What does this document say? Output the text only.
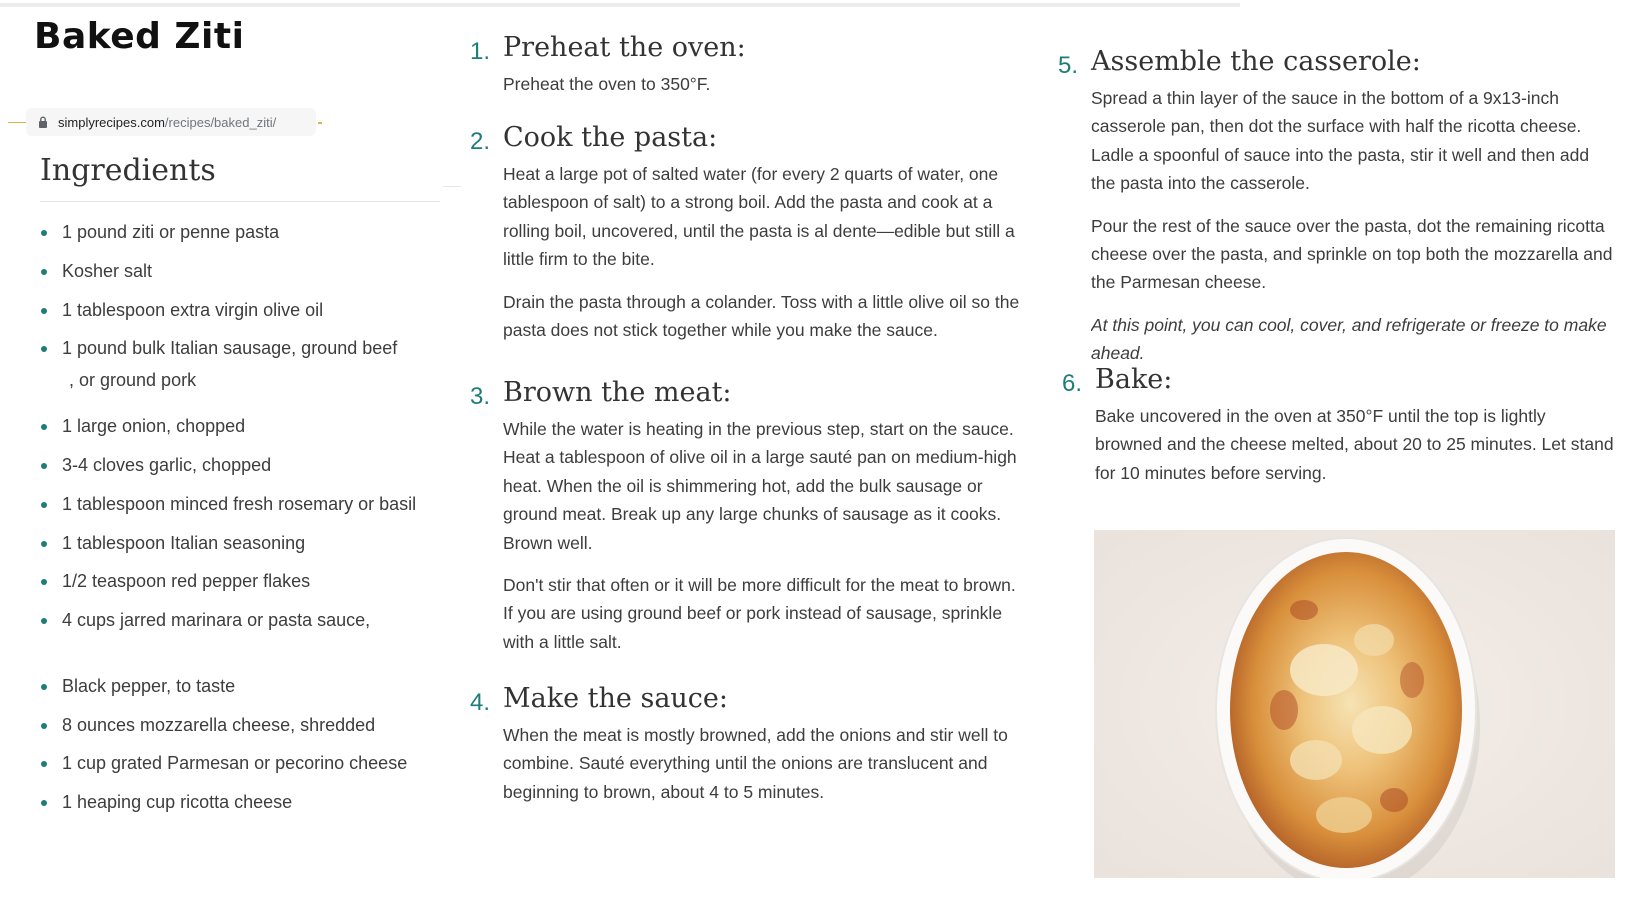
Baked Ziti
simplyrecipes.com /recipes/baked_ziti/
Ingredients
1 pound ziti or penne pasta
Kosher salt
1 tablespoon extra virgin olive oil
1 pound bulk Italian sausage, ground beef
, or ground pork
1 large onion, chopped
3-4 cloves garlic, chopped
1 tablespoon minced fresh rosemary or basil
1 tablespoon Italian seasoning
1/2 teaspoon red pepper flakes
4 cups jarred marinara or pasta sauce,
Black pepper, to taste
8 ounces mozzarella cheese, shredded
1 cup grated Parmesan or pecorino cheese
1 heaping cup ricotta cheese
1. Preheat the oven:

Preheat the oven to 350°F.

2. Cook the pasta:

Heat a large pot of salted water (for every 2 quarts of water, one tablespoon of salt) to a strong boil. Add the pasta and cook at a rolling boil, uncovered, until the pasta is al dente—edible but still a little firm to the bite.

Drain the pasta through a colander. Toss with a little olive oil so the pasta does not stick together while you make the sauce.

3. Brown the meat:

While the water is heating in the previous step, start on the sauce. Heat a tablespoon of olive oil in a large sauté pan on medium-high heat. When the oil is shimmering hot, add the bulk sausage or ground meat. Break up any large chunks of sausage as it cooks. Brown well.

Don't stir that often or it will be more difficult for the meat to brown. If you are using ground beef or pork instead of sausage, sprinkle with a little salt.

4. Make the sauce:

When the meat is mostly browned, add the onions and stir well to combine. Sauté everything until the onions are translucent and beginning to brown, about 4 to 5 minutes.

5. Assemble the casserole:

Spread a thin layer of the sauce in the bottom of a 9x13-inch casserole pan, then dot the surface with half the ricotta cheese. Ladle a spoonful of sauce into the pasta, stir it well and then add the pasta into the casserole.

Pour the rest of the sauce over the pasta, dot the remaining ricotta cheese over the pasta, and sprinkle on top both the mozzarella and the Parmesan cheese.

At this point, you can cool, cover, and refrigerate or freeze to make ahead.

6. Bake:

Bake uncovered in the oven at 350°F until the top is lightly browned and the cheese melted, about 20 to 25 minutes. Let stand for 10 minutes before serving.
